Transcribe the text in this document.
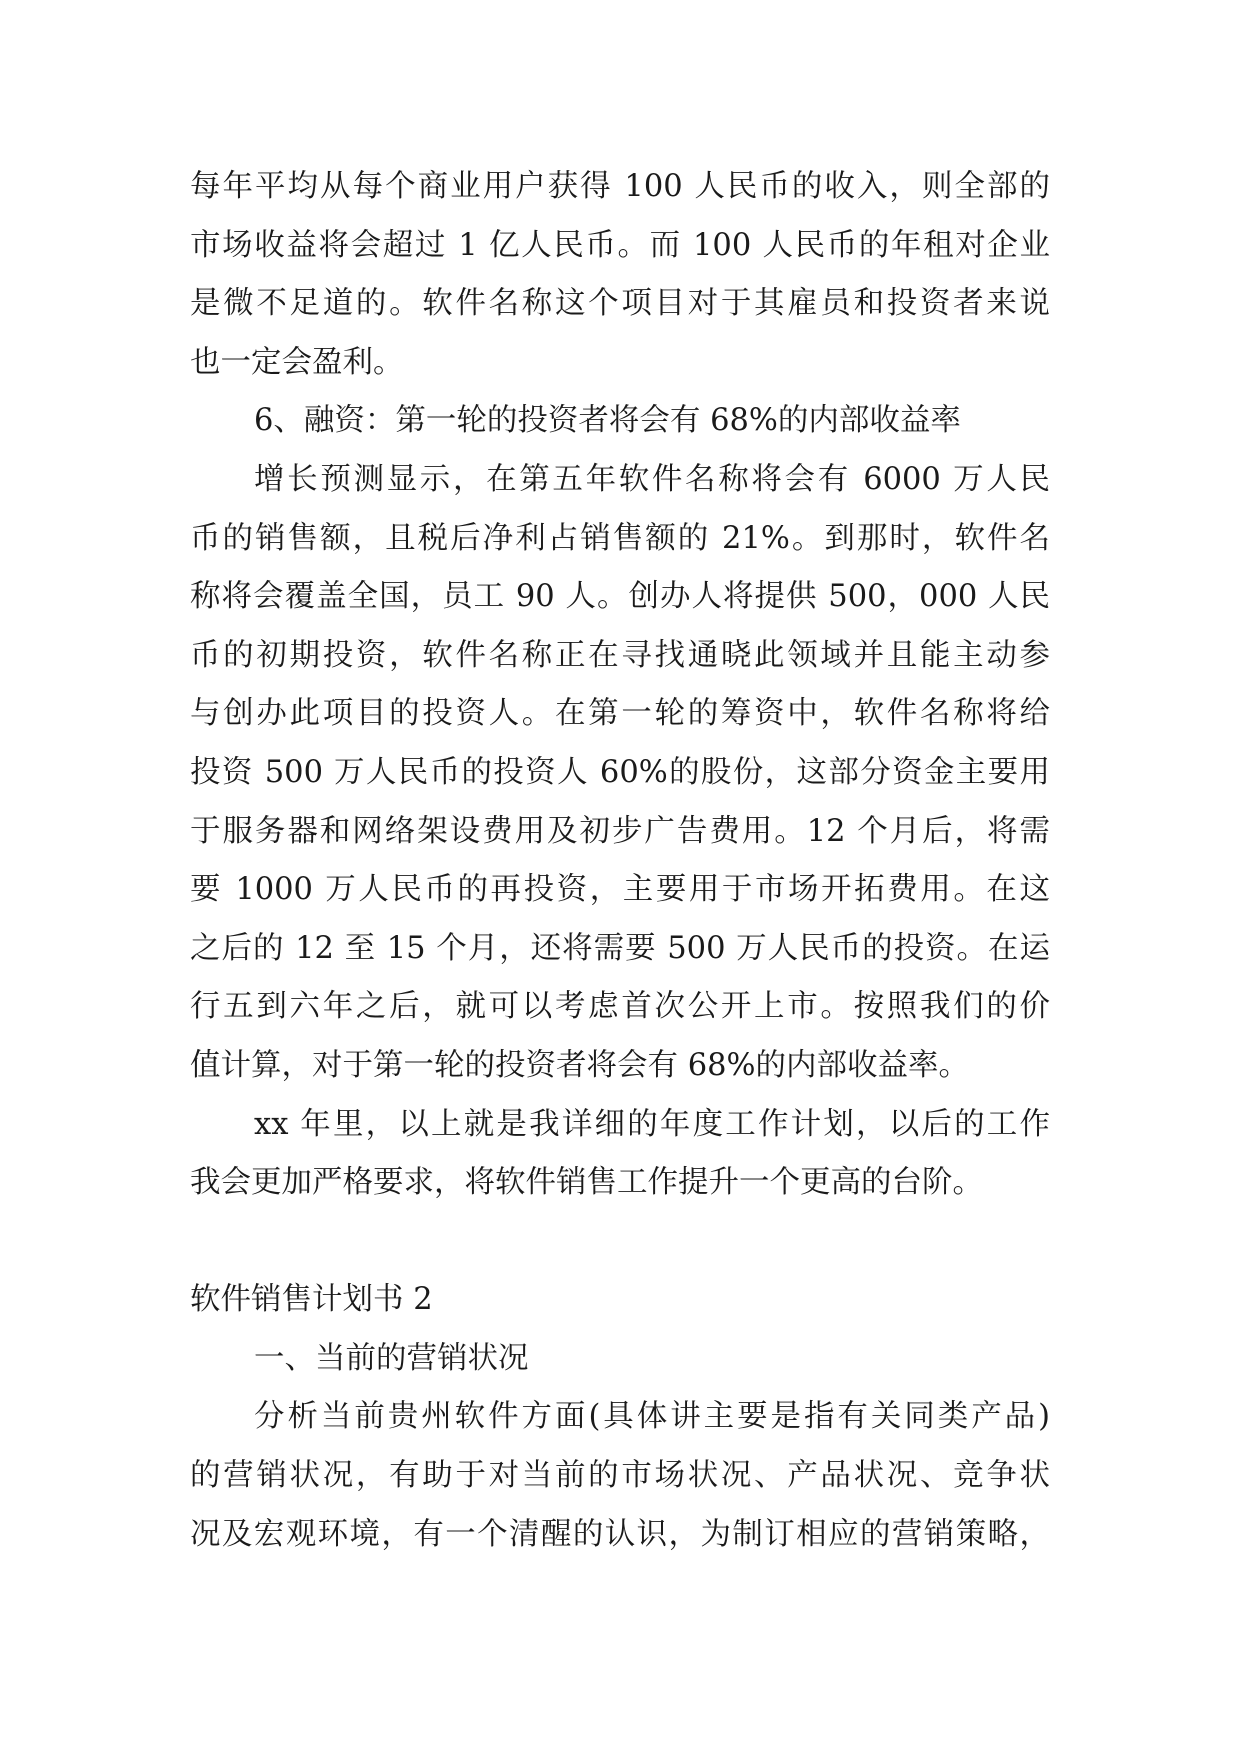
每年平均从每个商业用户获得 100 人民币的收入，则全部的
市场收益将会超过 1 亿人民币。而 100 人民币的年租对企业
是微不足道的。软件名称这个项目对于其雇员和投资者来说
也一定会盈利。
6、融资：第一轮的投资者将会有 68%的内部收益率
增长预测显示，在第五年软件名称将会有 6000 万人民
币的销售额，且税后净利占销售额的 21%。到那时，软件名
称将会覆盖全国，员工 90 人。创办人将提供 500，000 人民
币的初期投资，软件名称正在寻找通晓此领域并且能主动参
与创办此项目的投资人。在第一轮的筹资中，软件名称将给
投资 500 万人民币的投资人 60%的股份，这部分资金主要用
于服务器和网络架设费用及初步广告费用。12 个月后，将需
要 1000 万人民币的再投资，主要用于市场开拓费用。在这
之后的 12 至 15 个月，还将需要 500 万人民币的投资。在运
行五到六年之后，就可以考虑首次公开上市。按照我们的价
值计算，对于第一轮的投资者将会有 68%的内部收益率。
xx 年里，以上就是我详细的年度工作计划，以后的工作
我会更加严格要求，将软件销售工作提升一个更高的台阶。
软件销售计划书 2
一、当前的营销状况
分析当前贵州软件方面(具体讲主要是指有关同类产品)
的营销状况，有助于对当前的市场状况、产品状况、竞争状
况及宏观环境，有一个清醒的认识，为制订相应的营销策略，
